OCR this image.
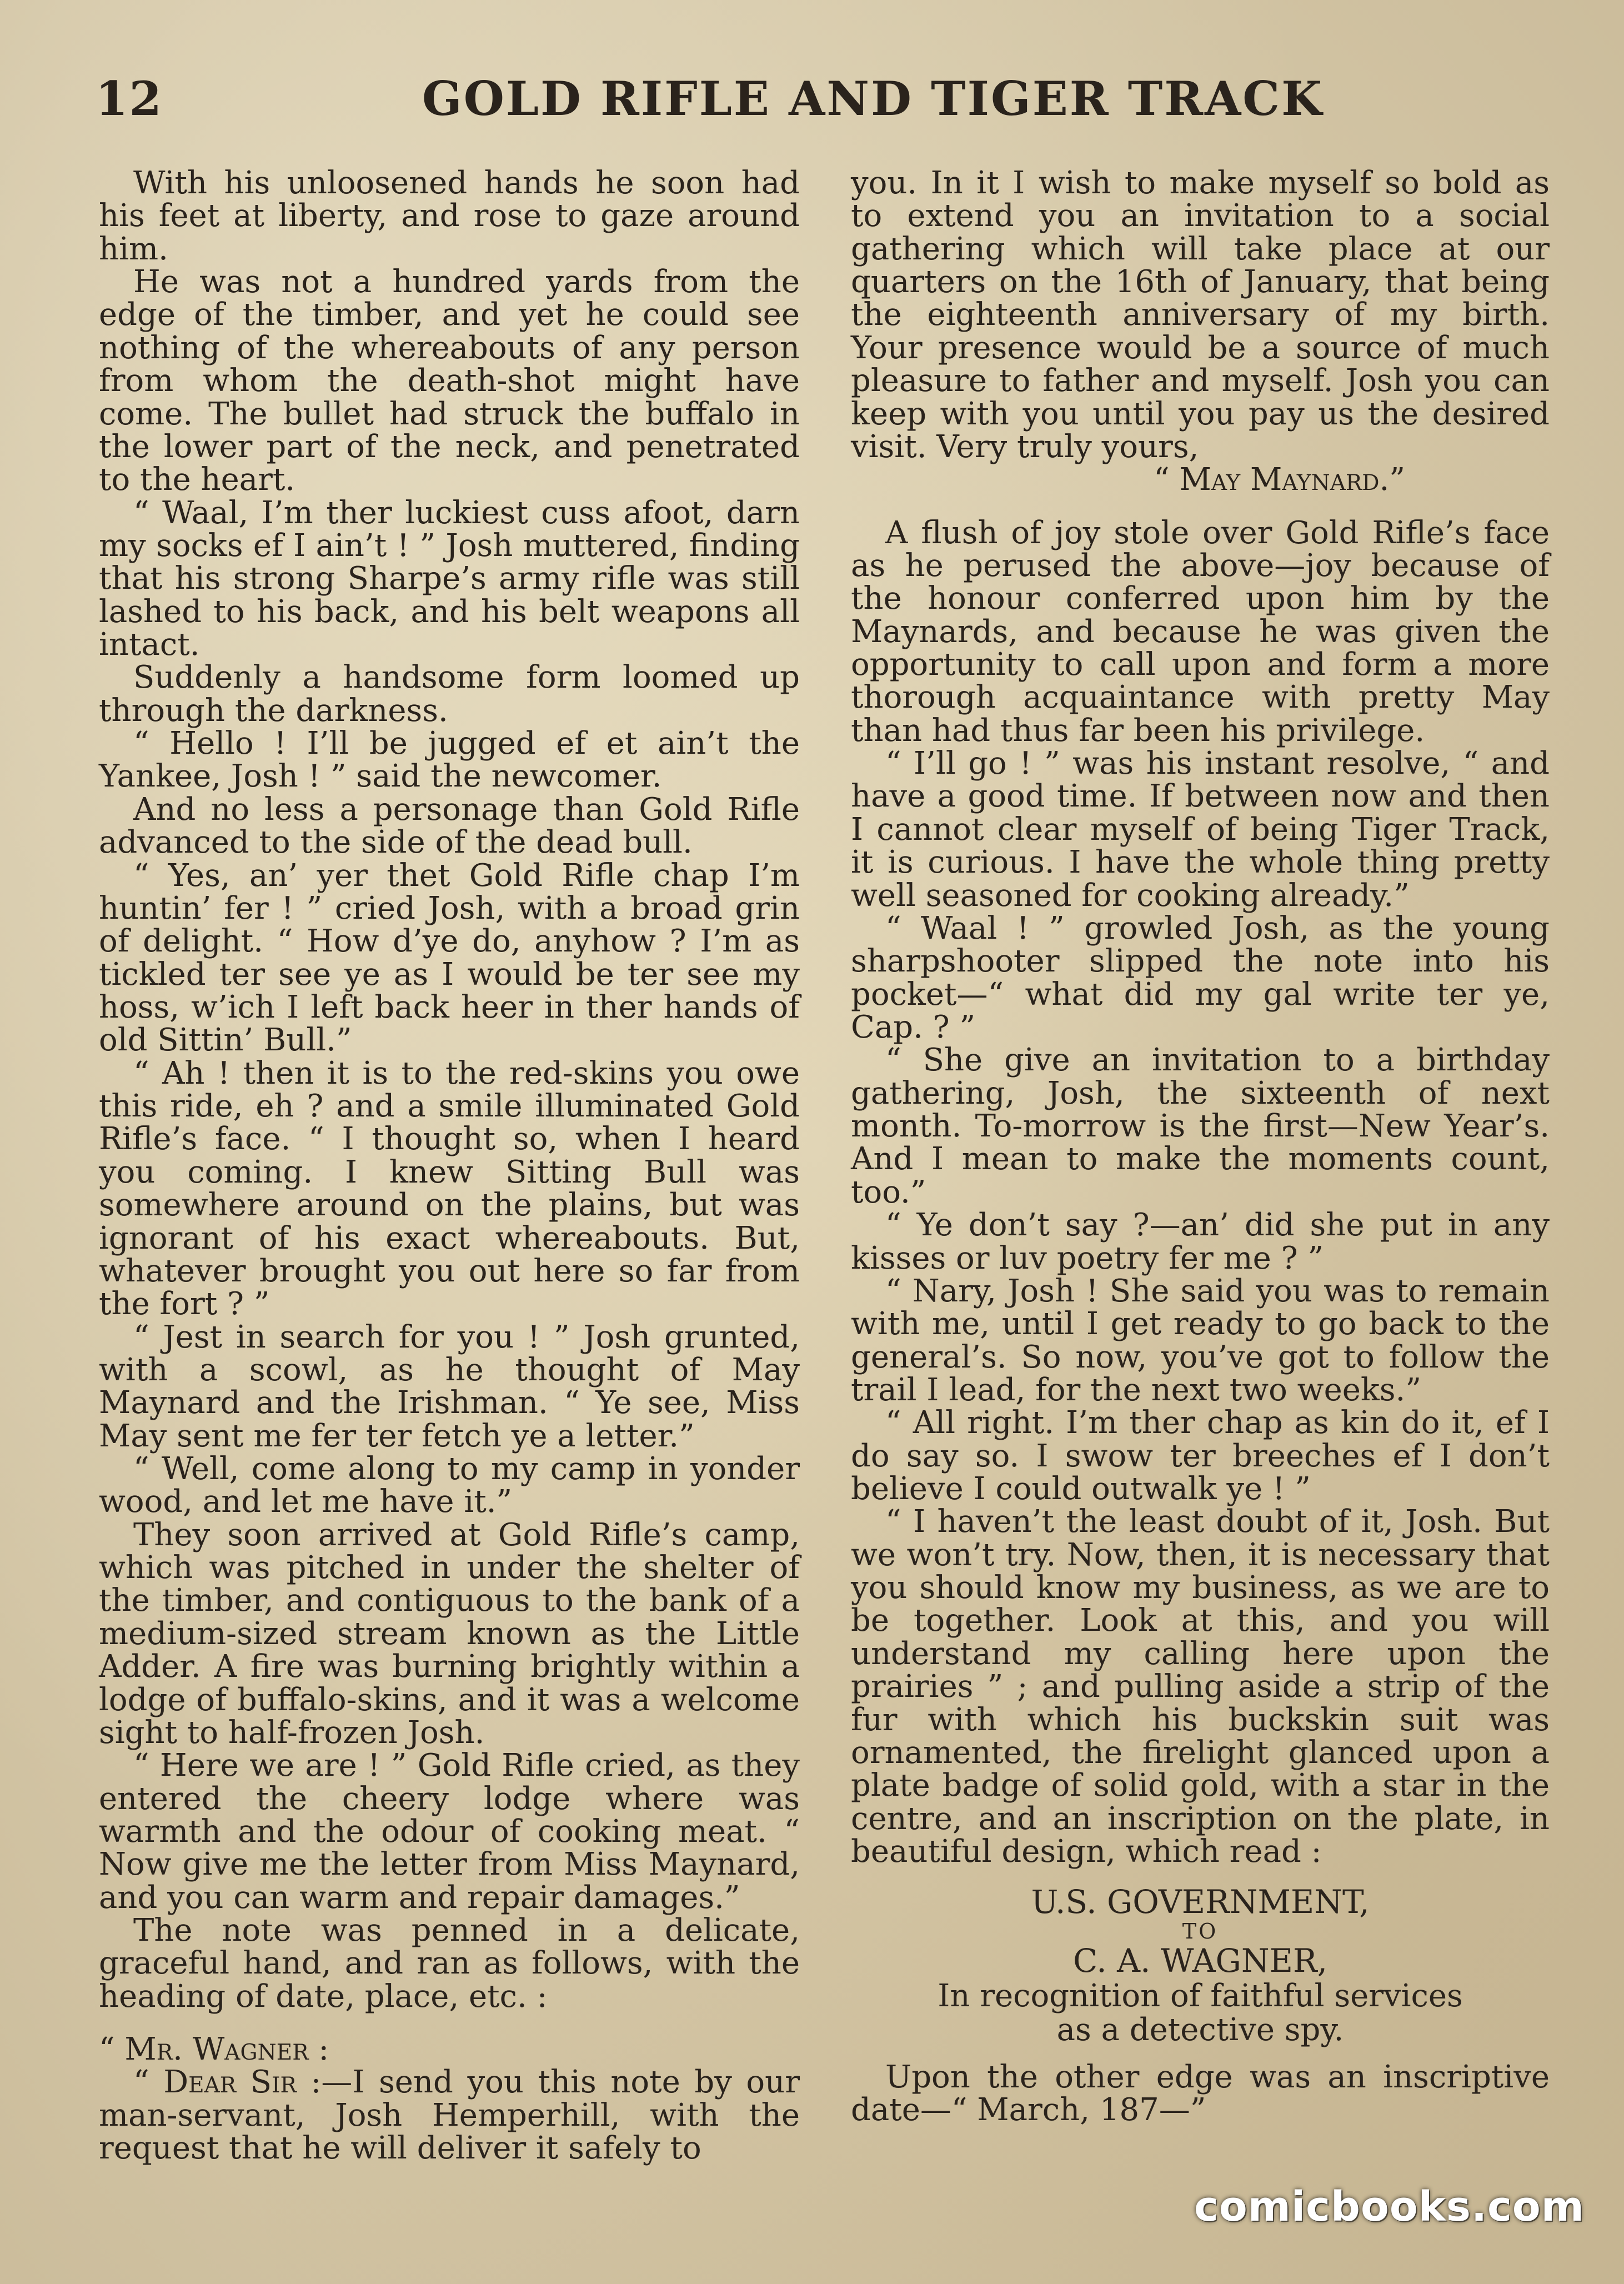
12	GOLD RIFLE AND TIGER TRACK

With his unloosened hands he soon had his feet at liberty, and rose to gaze around him.

He was not a hundred yards from the edge of the timber, and yet he could see nothing of the whereabouts of any person from whom the death-shot might have come. The bullet had struck the buffalo in the lower part of the neck, and penetrated to the heart.

“ Waal, I’m ther luckiest cuss afoot, darn my socks ef I ain’t ! ” Josh muttered, finding that his strong Sharpe’s army rifle was still lashed to his back, and his belt weapons all intact.

Suddenly a handsome form loomed up through the darkness.

“ Hello ! I’ll be jugged ef et ain’t the Yankee, Josh ! ” said the newcomer.

And no less a personage than Gold Rifle advanced to the side of the dead bull.

“ Yes, an’ yer thet Gold Rifle chap I’m huntin’ fer ! ” cried Josh, with a broad grin of delight. “ How d’ye do, anyhow ? I’m as tickled ter see ye as I would be ter see my hoss, w’ich I left back heer in ther hands of old Sittin’ Bull.”

“ Ah ! then it is to the red-skins you owe this ride, eh ? and a smile illuminated Gold Rifle’s face. “ I thought so, when I heard you coming. I knew Sitting Bull was somewhere around on the plains, but was ignorant of his exact whereabouts. But, whatever brought you out here so far from the fort ? ”

“ Jest in search for you ! ” Josh grunted, with a scowl, as he thought of May Maynard and the Irishman. “ Ye see, Miss May sent me fer ter fetch ye a letter.”

“ Well, come along to my camp in yonder wood, and let me have it.”

They soon arrived at Gold Rifle’s camp, which was pitched in under the shelter of the timber, and contiguous to the bank of a medium-sized stream known as the Little Adder. A fire was burning brightly within a lodge of buffalo-skins, and it was a welcome sight to half-frozen Josh.

“ Here we are ! ” Gold Rifle cried, as they entered the cheery lodge where was warmth and the odour of cooking meat. “ Now give me the letter from Miss Maynard, and you can warm and repair damages.”

The note was penned in a delicate, graceful hand, and ran as follows, with the heading of date, place, etc. :

“ Mr. Wagner :

“ Dear Sir :—I send you this note by our man-servant, Josh Hemperhill, with the request that he will deliver it safely to

you. In it I wish to make myself so bold as to extend you an invitation to a social gathering which will take place at our quarters on the 16th of January, that being the eighteenth anniversary of my birth. Your presence would be a source of much pleasure to father and myself. Josh you can keep with you until you pay us the desired visit. Very truly yours,

“ May Maynard.”

A flush of joy stole over Gold Rifle’s face as he perused the above—joy because of the honour conferred upon him by the Maynards, and because he was given the opportunity to call upon and form a more thorough acquaintance with pretty May than had thus far been his privilege.

“ I’ll go ! ” was his instant resolve, “ and have a good time. If between now and then I cannot clear myself of being Tiger Track, it is curious. I have the whole thing pretty well seasoned for cooking already.”

“ Waal ! ” growled Josh, as the young sharpshooter slipped the note into his pocket—“ what did my gal write ter ye, Cap. ? ”

“ She give an invitation to a birthday gathering, Josh, the sixteenth of next month. To-morrow is the first—New Year’s. And I mean to make the moments count, too.”

“ Ye don’t say ?—an’ did she put in any kisses or luv poetry fer me ? ”

“ Nary, Josh ! She said you was to remain with me, until I get ready to go back to the general’s. So now, you’ve got to follow the trail I lead, for the next two weeks.”

“ All right. I’m ther chap as kin do it, ef I do say so. I swow ter breeches ef I don’t believe I could outwalk ye ! ”

“ I haven’t the least doubt of it, Josh. But we won’t try. Now, then, it is necessary that you should know my business, as we are to be together. Look at this, and you will understand my calling here upon the prairies ” ; and pulling aside a strip of the fur with which his buckskin suit was ornamented, the firelight glanced upon a plate badge of solid gold, with a star in the centre, and an inscription on the plate, in beautiful design, which read :

U.S. GOVERNMENT,
TO
C. A. WAGNER,
In recognition of faithful services
as a detective spy.

Upon the other edge was an inscriptive date—“ March, 187—”

comicbooks.com
